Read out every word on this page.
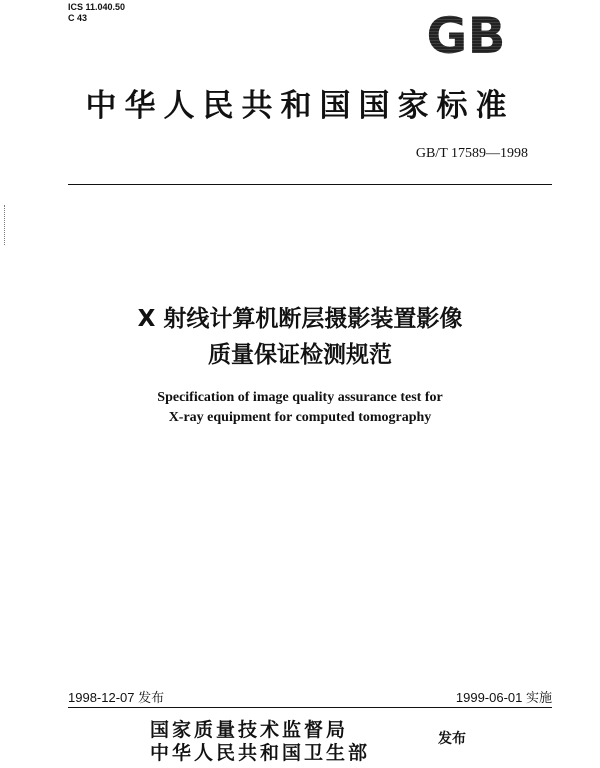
ICS 11.040.50
C 43	GB
中华人民共和国国家标准
GB/T 17589—1998
X 射线计算机断层摄影装置影像
质量保证检测规范
Specification of image quality assurance test for
X-ray equipment for computed tomography
1998-12-07 发布	1999-06-01 实施
国家质量技术监督局
中华人民共和国卫生部
发布
